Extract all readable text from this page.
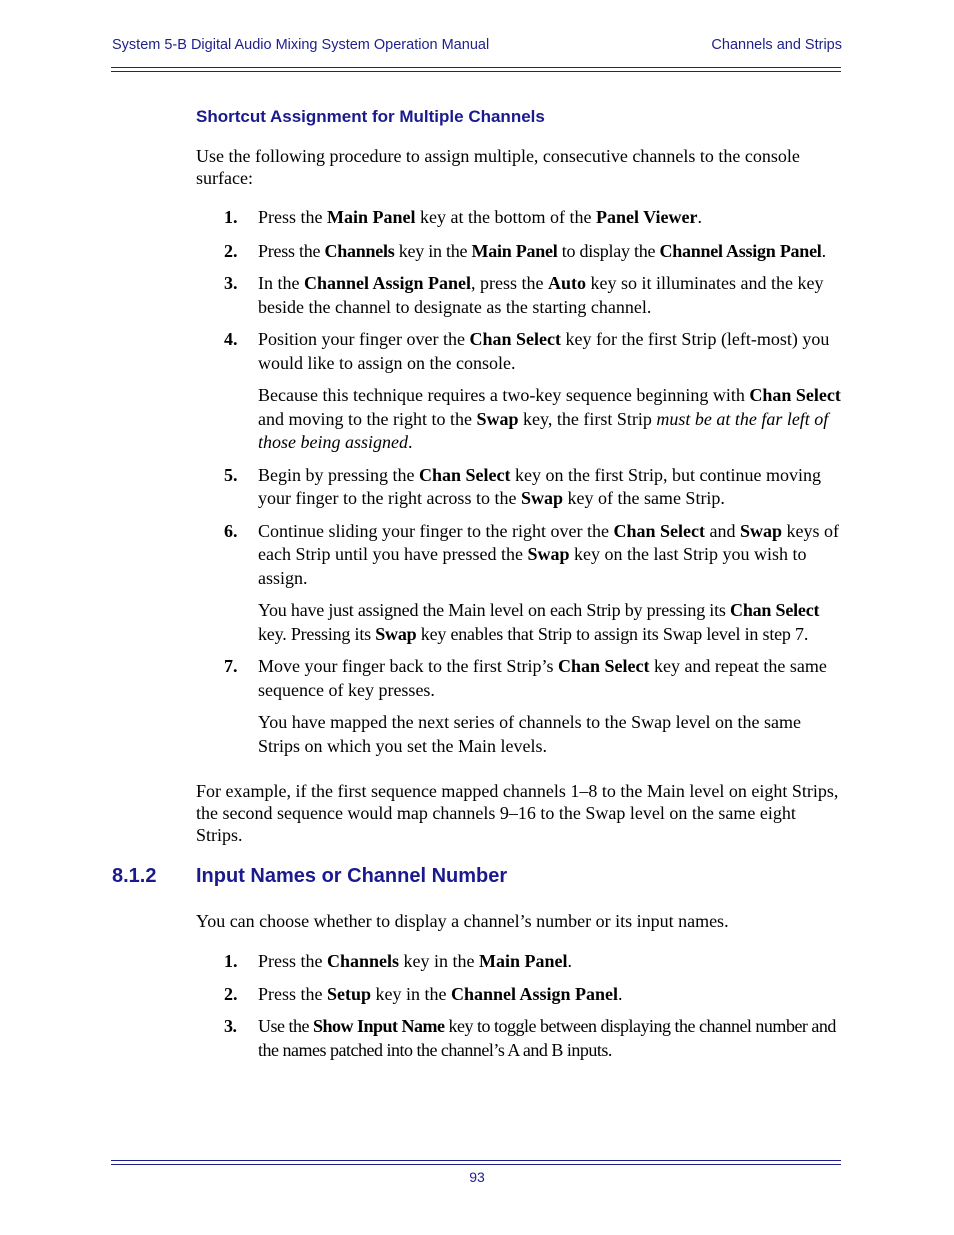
System 5-B Digital Audio Mixing System Operation Manual	Channels and Strips
Shortcut Assignment for Multiple Channels

Use the following procedure to assign multiple, consecutive channels to the console surface:

1. Press the Main Panel key at the bottom of the Panel Viewer.
2. Press the Channels key in the Main Panel to display the Channel Assign Panel.
3. In the Channel Assign Panel, press the Auto key so it illuminates and the key beside the channel to designate as the starting channel.
4. Position your finger over the Chan Select key for the first Strip (left-most) you would like to assign on the console.
Because this technique requires a two-key sequence beginning with Chan Select and moving to the right to the Swap key, the first Strip must be at the far left of those being assigned.
5. Begin by pressing the Chan Select key on the first Strip, but continue moving your finger to the right across to the Swap key of the same Strip.
6. Continue sliding your finger to the right over the Chan Select and Swap keys of each Strip until you have pressed the Swap key on the last Strip you wish to assign.
You have just assigned the Main level on each Strip by pressing its Chan Select key. Pressing its Swap key enables that Strip to assign its Swap level in step 7.
7. Move your finger back to the first Strip’s Chan Select key and repeat the same sequence of key presses.
You have mapped the next series of channels to the Swap level on the same Strips on which you set the Main levels.

For example, if the first sequence mapped channels 1–8 to the Main level on eight Strips, the second sequence would map channels 9–16 to the Swap level on the same eight Strips.

8.1.2 Input Names or Channel Number

You can choose whether to display a channel’s number or its input names.

1. Press the Channels key in the Main Panel.
2. Press the Setup key in the Channel Assign Panel.
3. Use the Show Input Name key to toggle between displaying the channel number and the names patched into the channel’s A and B inputs.
93
